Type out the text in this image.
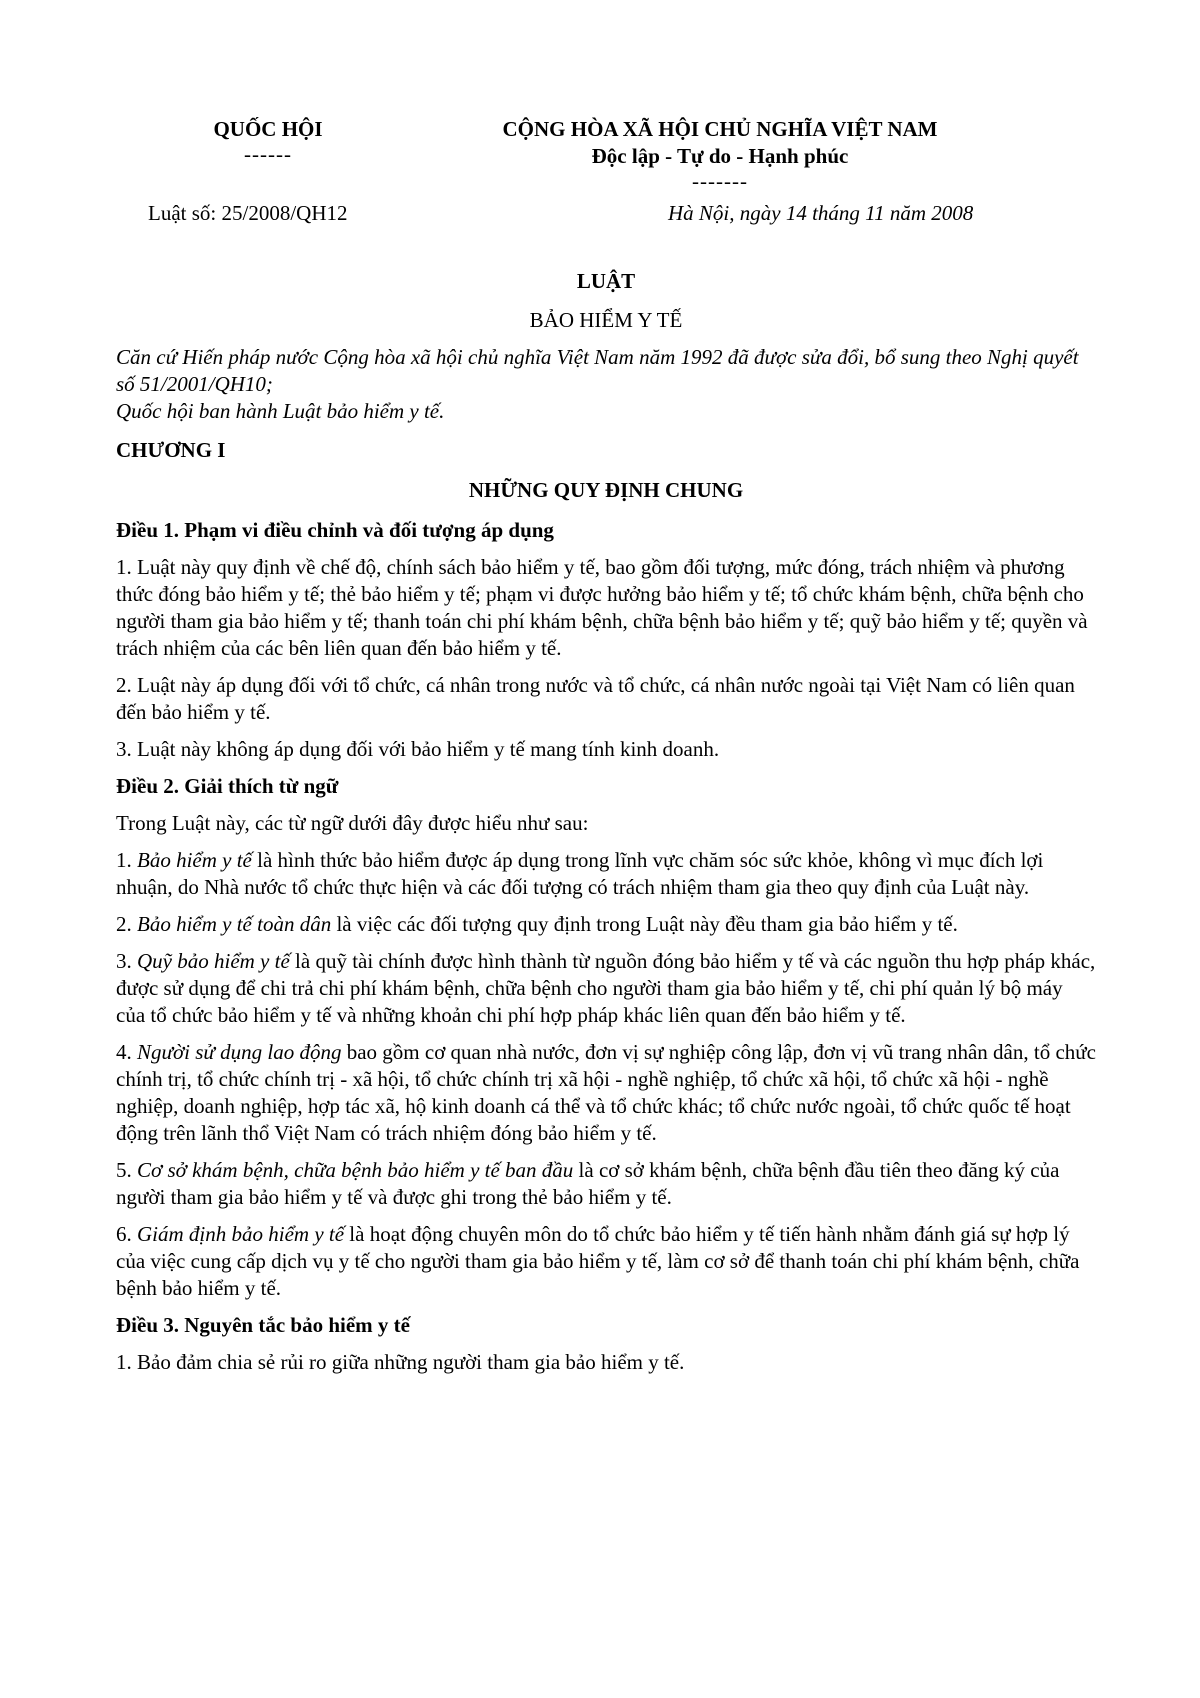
QUỐC HỘI
------
CỘNG HÒA XÃ HỘI CHỦ NGHĨA VIỆT NAM
Độc lập - Tự do - Hạnh phúc
-------
Luật số: 25/2008/QH12	Hà Nội, ngày 14 tháng 11 năm 2008

LUẬT

BẢO HIỂM Y TẾ

Căn cứ Hiến pháp nước Cộng hòa xã hội chủ nghĩa Việt Nam năm 1992 đã được sửa đổi, bổ sung theo Nghị quyết số 51/2001/QH10;

Quốc hội ban hành Luật bảo hiểm y tế.

CHƯƠNG I

NHỮNG QUY ĐỊNH CHUNG

Điều 1. Phạm vi điều chỉnh và đối tượng áp dụng

1. Luật này quy định về chế độ, chính sách bảo hiểm y tế, bao gồm đối tượng, mức đóng, trách nhiệm và phương thức đóng bảo hiểm y tế; thẻ bảo hiểm y tế; phạm vi được hưởng bảo hiểm y tế; tổ chức khám bệnh, chữa bệnh cho người tham gia bảo hiểm y tế; thanh toán chi phí khám bệnh, chữa bệnh bảo hiểm y tế; quỹ bảo hiểm y tế; quyền và trách nhiệm của các bên liên quan đến bảo hiểm y tế.

2. Luật này áp dụng đối với tổ chức, cá nhân trong nước và tổ chức, cá nhân nước ngoài tại Việt Nam có liên quan đến bảo hiểm y tế.

3. Luật này không áp dụng đối với bảo hiểm y tế mang tính kinh doanh.

Điều 2. Giải thích từ ngữ

Trong Luật này, các từ ngữ dưới đây được hiểu như sau:

1. Bảo hiểm y tế là hình thức bảo hiểm được áp dụng trong lĩnh vực chăm sóc sức khỏe, không vì mục đích lợi nhuận, do Nhà nước tổ chức thực hiện và các đối tượng có trách nhiệm tham gia theo quy định của Luật này.

2. Bảo hiểm y tế toàn dân là việc các đối tượng quy định trong Luật này đều tham gia bảo hiểm y tế.

3. Quỹ bảo hiểm y tế là quỹ tài chính được hình thành từ nguồn đóng bảo hiểm y tế và các nguồn thu hợp pháp khác, được sử dụng để chi trả chi phí khám bệnh, chữa bệnh cho người tham gia bảo hiểm y tế, chi phí quản lý bộ máy của tổ chức bảo hiểm y tế và những khoản chi phí hợp pháp khác liên quan đến bảo hiểm y tế.

4. Người sử dụng lao động bao gồm cơ quan nhà nước, đơn vị sự nghiệp công lập, đơn vị vũ trang nhân dân, tổ chức chính trị, tổ chức chính trị - xã hội, tổ chức chính trị xã hội - nghề nghiệp, tổ chức xã hội, tổ chức xã hội - nghề nghiệp, doanh nghiệp, hợp tác xã, hộ kinh doanh cá thể và tổ chức khác; tổ chức nước ngoài, tổ chức quốc tế hoạt động trên lãnh thổ Việt Nam có trách nhiệm đóng bảo hiểm y tế.

5. Cơ sở khám bệnh, chữa bệnh bảo hiểm y tế ban đầu là cơ sở khám bệnh, chữa bệnh đầu tiên theo đăng ký của người tham gia bảo hiểm y tế và được ghi trong thẻ bảo hiểm y tế.

6. Giám định bảo hiểm y tế là hoạt động chuyên môn do tổ chức bảo hiểm y tế tiến hành nhằm đánh giá sự hợp lý của việc cung cấp dịch vụ y tế cho người tham gia bảo hiểm y tế, làm cơ sở để thanh toán chi phí khám bệnh, chữa bệnh bảo hiểm y tế.

Điều 3. Nguyên tắc bảo hiểm y tế

1. Bảo đảm chia sẻ rủi ro giữa những người tham gia bảo hiểm y tế.
